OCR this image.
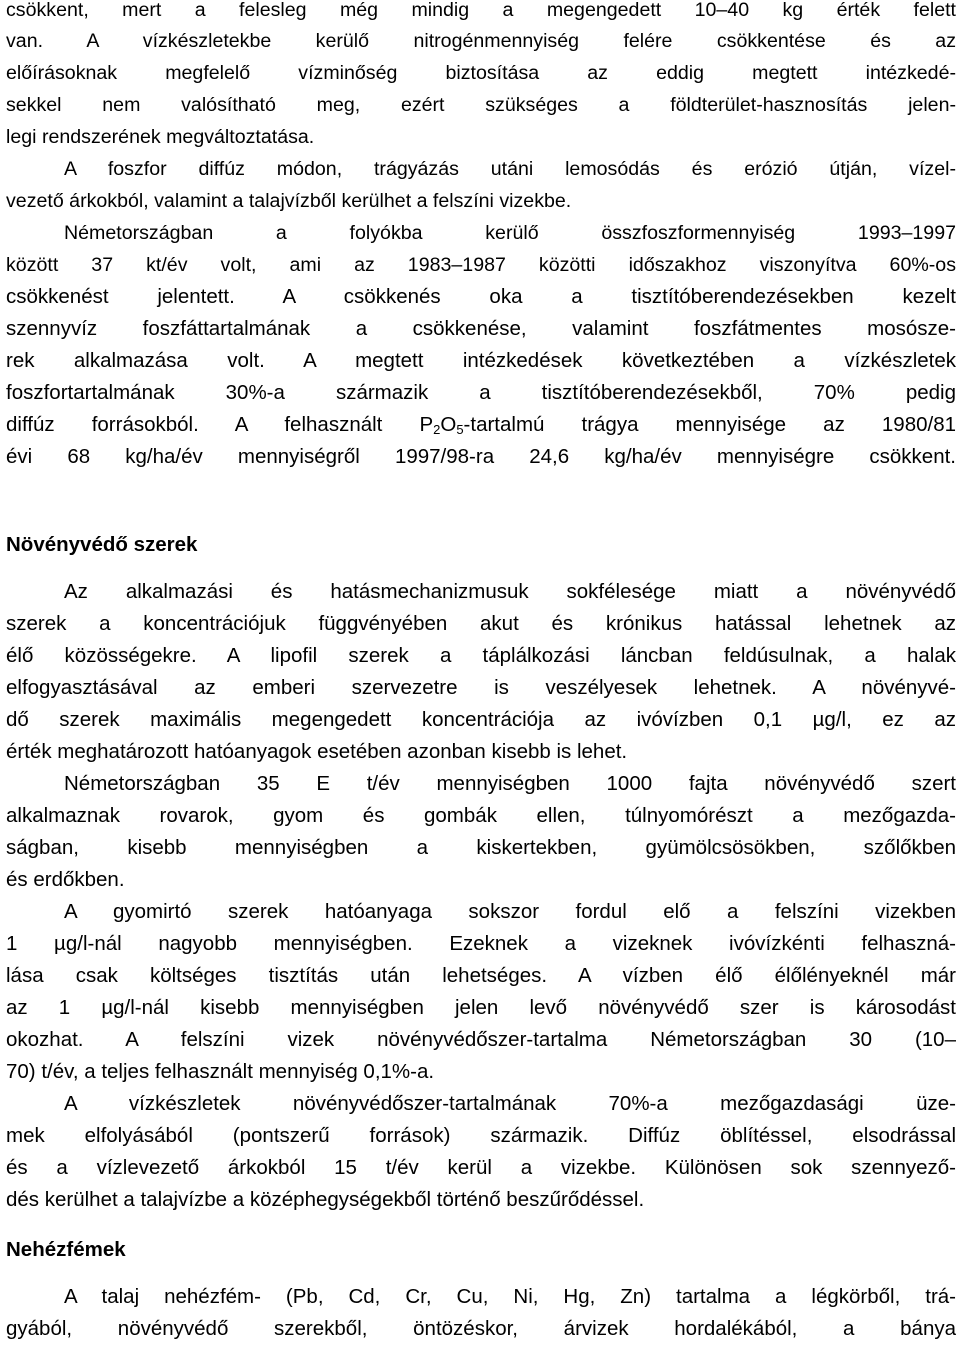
csökkent, mert a felesleg még mindig a megengedett 10–40 kg érték felett
van. A vízkészletekbe kerülő nitrogénmennyiség felére csökkentése és az
előírásoknak megfelelő vízminőség biztosítása az eddig megtett intézkedé-
sekkel nem valósítható meg, ezért szükséges a földterület-hasznosítás jelen-
legi rendszerének megváltoztatása.
A foszfor diffúz módon, trágyázás utáni lemosódás és erózió útján, vízel-
vezető árkokból, valamint a talajvízből kerülhet a felszíni vizekbe.
Németországban a folyókba kerülő összfoszformennyiség 1993–1997
között 37 kt/év volt, ami az 1983–1987 közötti időszakhoz viszonyítva 60%-os
csökkenést jelentett. A csökkenés oka a tisztítóberendezésekben kezelt
szennyvíz foszfáttartalmának a csökkenése, valamint foszfátmentes mosósze-
rek alkalmazása volt. A megtett intézkedések következtében a vízkészletek
foszfortartalmának 30%-a származik a tisztítóberendezésekből, 70% pedig
diffúz forrásokból. A felhasznált $P_2O_5$-tartalmú trágya mennyisége az 1980/81
évi 68 kg/ha/év mennyiségről 1997/98-ra 24,6 kg/ha/év mennyiségre csökkent.
Növényvédő szerek
Az alkalmazási és hatásmechanizmusuk sokfélesége miatt a növényvédő
szerek a koncentrációjuk függvényében akut és krónikus hatással lehetnek az
élő közösségekre. A lipofil szerek a táplálkozási láncban feldúsulnak, a halak
elfogyasztásával az emberi szervezetre is veszélyesek lehetnek. A növényvé-
dő szerek maximális megengedett koncentrációja az ivóvízben 0,1 µg/l, ez az
érték meghatározott hatóanyagok esetében azonban kisebb is lehet.
Németországban 35 E t/év mennyiségben 1000 fajta növényvédő szert
alkalmaznak rovarok, gyom és gombák ellen, túlnyomórészt a mezőgazda-
ságban, kisebb mennyiségben a kiskertekben, gyümölcsösökben, szőlőkben
és erdőkben.
A gyomirtó szerek hatóanyaga sokszor fordul elő a felszíni vizekben
1 µg/l-nál nagyobb mennyiségben. Ezeknek a vizeknek ivóvízkénti felhaszná-
lása csak költséges tisztítás után lehetséges. A vízben élő élőlényeknél már
az 1 µg/l-nál kisebb mennyiségben jelen levő növényvédő szer is károsodást
okozhat. A felszíni vizek növényvédőszer-tartalma Németországban 30 (10–
70) t/év, a teljes felhasznált mennyiség 0,1%-a.
A vízkészletek növényvédőszer-tartalmának 70%-a mezőgazdasági üze-
mek elfolyásából (pontszerű források) származik. Diffúz öblítéssel, elsodrással
és a vízlevezető árkokból 15 t/év kerül a vizekbe. Különösen sok szennyező-
dés kerülhet a talajvízbe a középhegységekből történő beszűrődéssel.
Nehézfémek
A talaj nehézfém- (Pb, Cd, Cr, Cu, Ni, Hg, Zn) tartalma a légkörből, trá-
gyából, növényvédő szerekből, öntözéskor, árvizek hordalékából, a bánya
